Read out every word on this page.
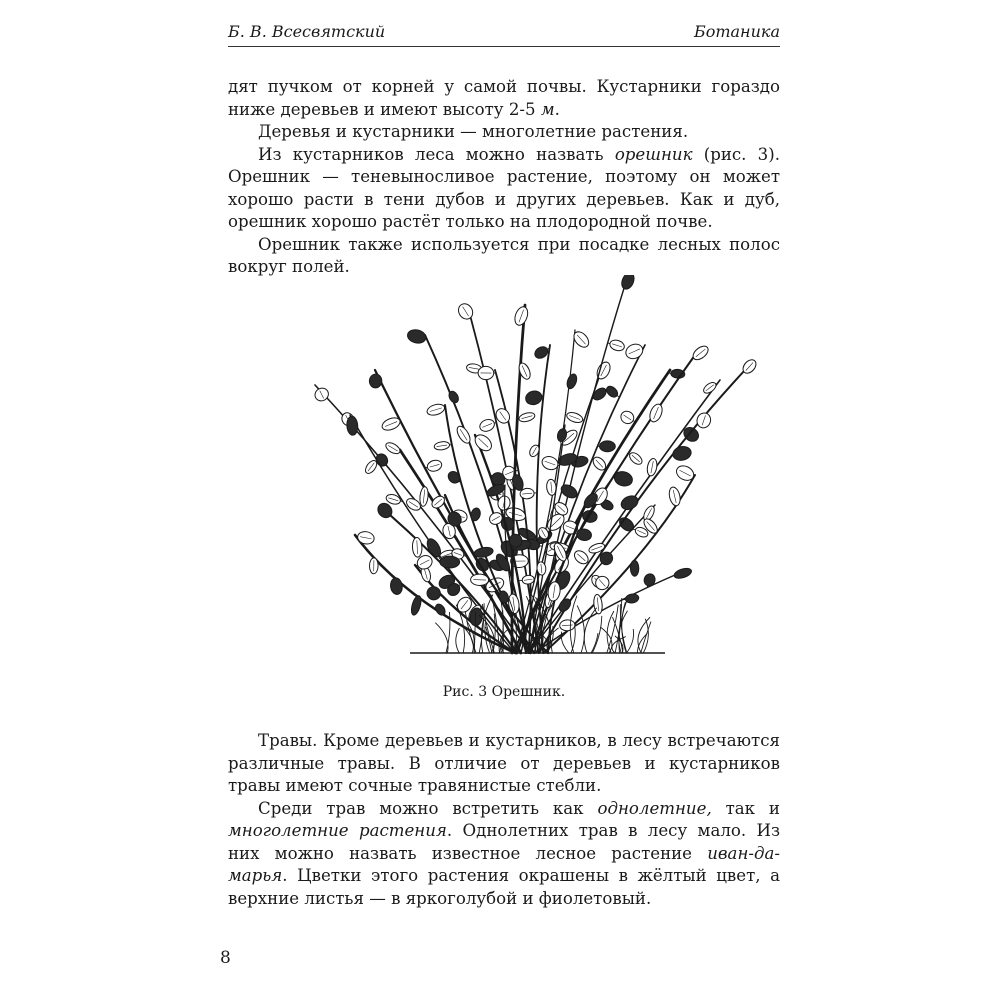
Б. В. Всесвятский	Ботаника

дят пучком от корней у самой почвы. Кустарники гораздо ниже деревьев и имеют высоту 2-5 м.

Деревья и кустарники — многолетние растения.

Из кустарников леса можно назвать орешник (рис. 3). Орешник — теневыносливое растение, поэтому он может хорошо расти в тени дубов и других деревьев. Как и дуб, орешник хорошо растёт только на плодородной почве.

Орешник также используется при посадке лесных полос вокруг полей.

Рис. 3 Орешник.

Травы. Кроме деревьев и кустарников, в лесу встречаются различные травы. В отличие от деревьев и кустарников травы имеют сочные травянистые стебли.

Среди трав можно встретить как однолетние, так и многолетние растения. Однолетних трав в лесу мало. Из них можно назвать известное лесное растение иван-да-марья. Цветки этого растения окрашены в жёлтый цвет, а верхние листья — в яркоголубой и фиолетовый.

8
